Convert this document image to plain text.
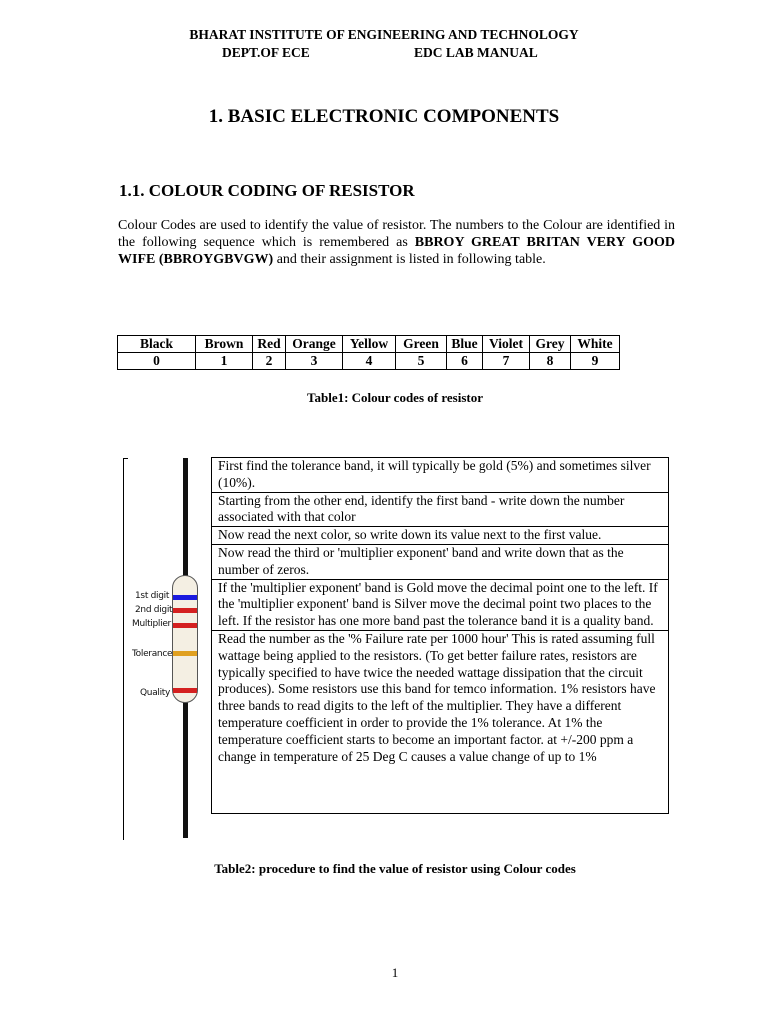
BHARAT INSTITUTE OF ENGINEERING AND TECHNOLOGY
DEPT.OF ECE	EDC LAB MANUAL
1. BASIC ELECTRONIC COMPONENTS
1.1. COLOUR CODING OF RESISTOR
Colour Codes are used to identify the value of resistor. The numbers to the Colour are identified in the following sequence which is remembered as BBROY GREAT BRITAN VERY GOOD WIFE (BBROYGBVGW) and their assignment is listed in following table.
Black	Brown	Red	Orange	Yellow	Green	Blue	Violet	Grey	White
0	1	2	3	4	5	6	7	8	9
Table1: Colour codes of resistor
1st digit
2nd digit
Multiplier
Tolerance
Quality
First find the tolerance band, it will typically be gold (5%) and sometimes silver (10%).
Starting from the other end, identify the first band - write down the number associated with that color
Now read the next color, so write down its value next to the first value.
Now read the third or 'multiplier exponent' band and write down that as the number of zeros.
If the 'multiplier exponent' band is Gold move the decimal point one to the left. If the 'multiplier exponent' band is Silver move the decimal point two places to the left. If the resistor has one more band past the tolerance band it is a quality band.
Read the number as the '% Failure rate per 1000 hour' This is rated assuming full wattage being applied to the resistors. (To get better failure rates, resistors are typically specified to have twice the needed wattage dissipation that the circuit produces). Some resistors use this band for temco information. 1% resistors have three bands to read digits to the left of the multiplier. They have a different temperature coefficient in order to provide the 1% tolerance. At 1% the temperature coefficient starts to become an important factor. at +/-200 ppm a change in temperature of 25 Deg C causes a value change of up to 1%
Table2: procedure to find the value of resistor using Colour codes
1
